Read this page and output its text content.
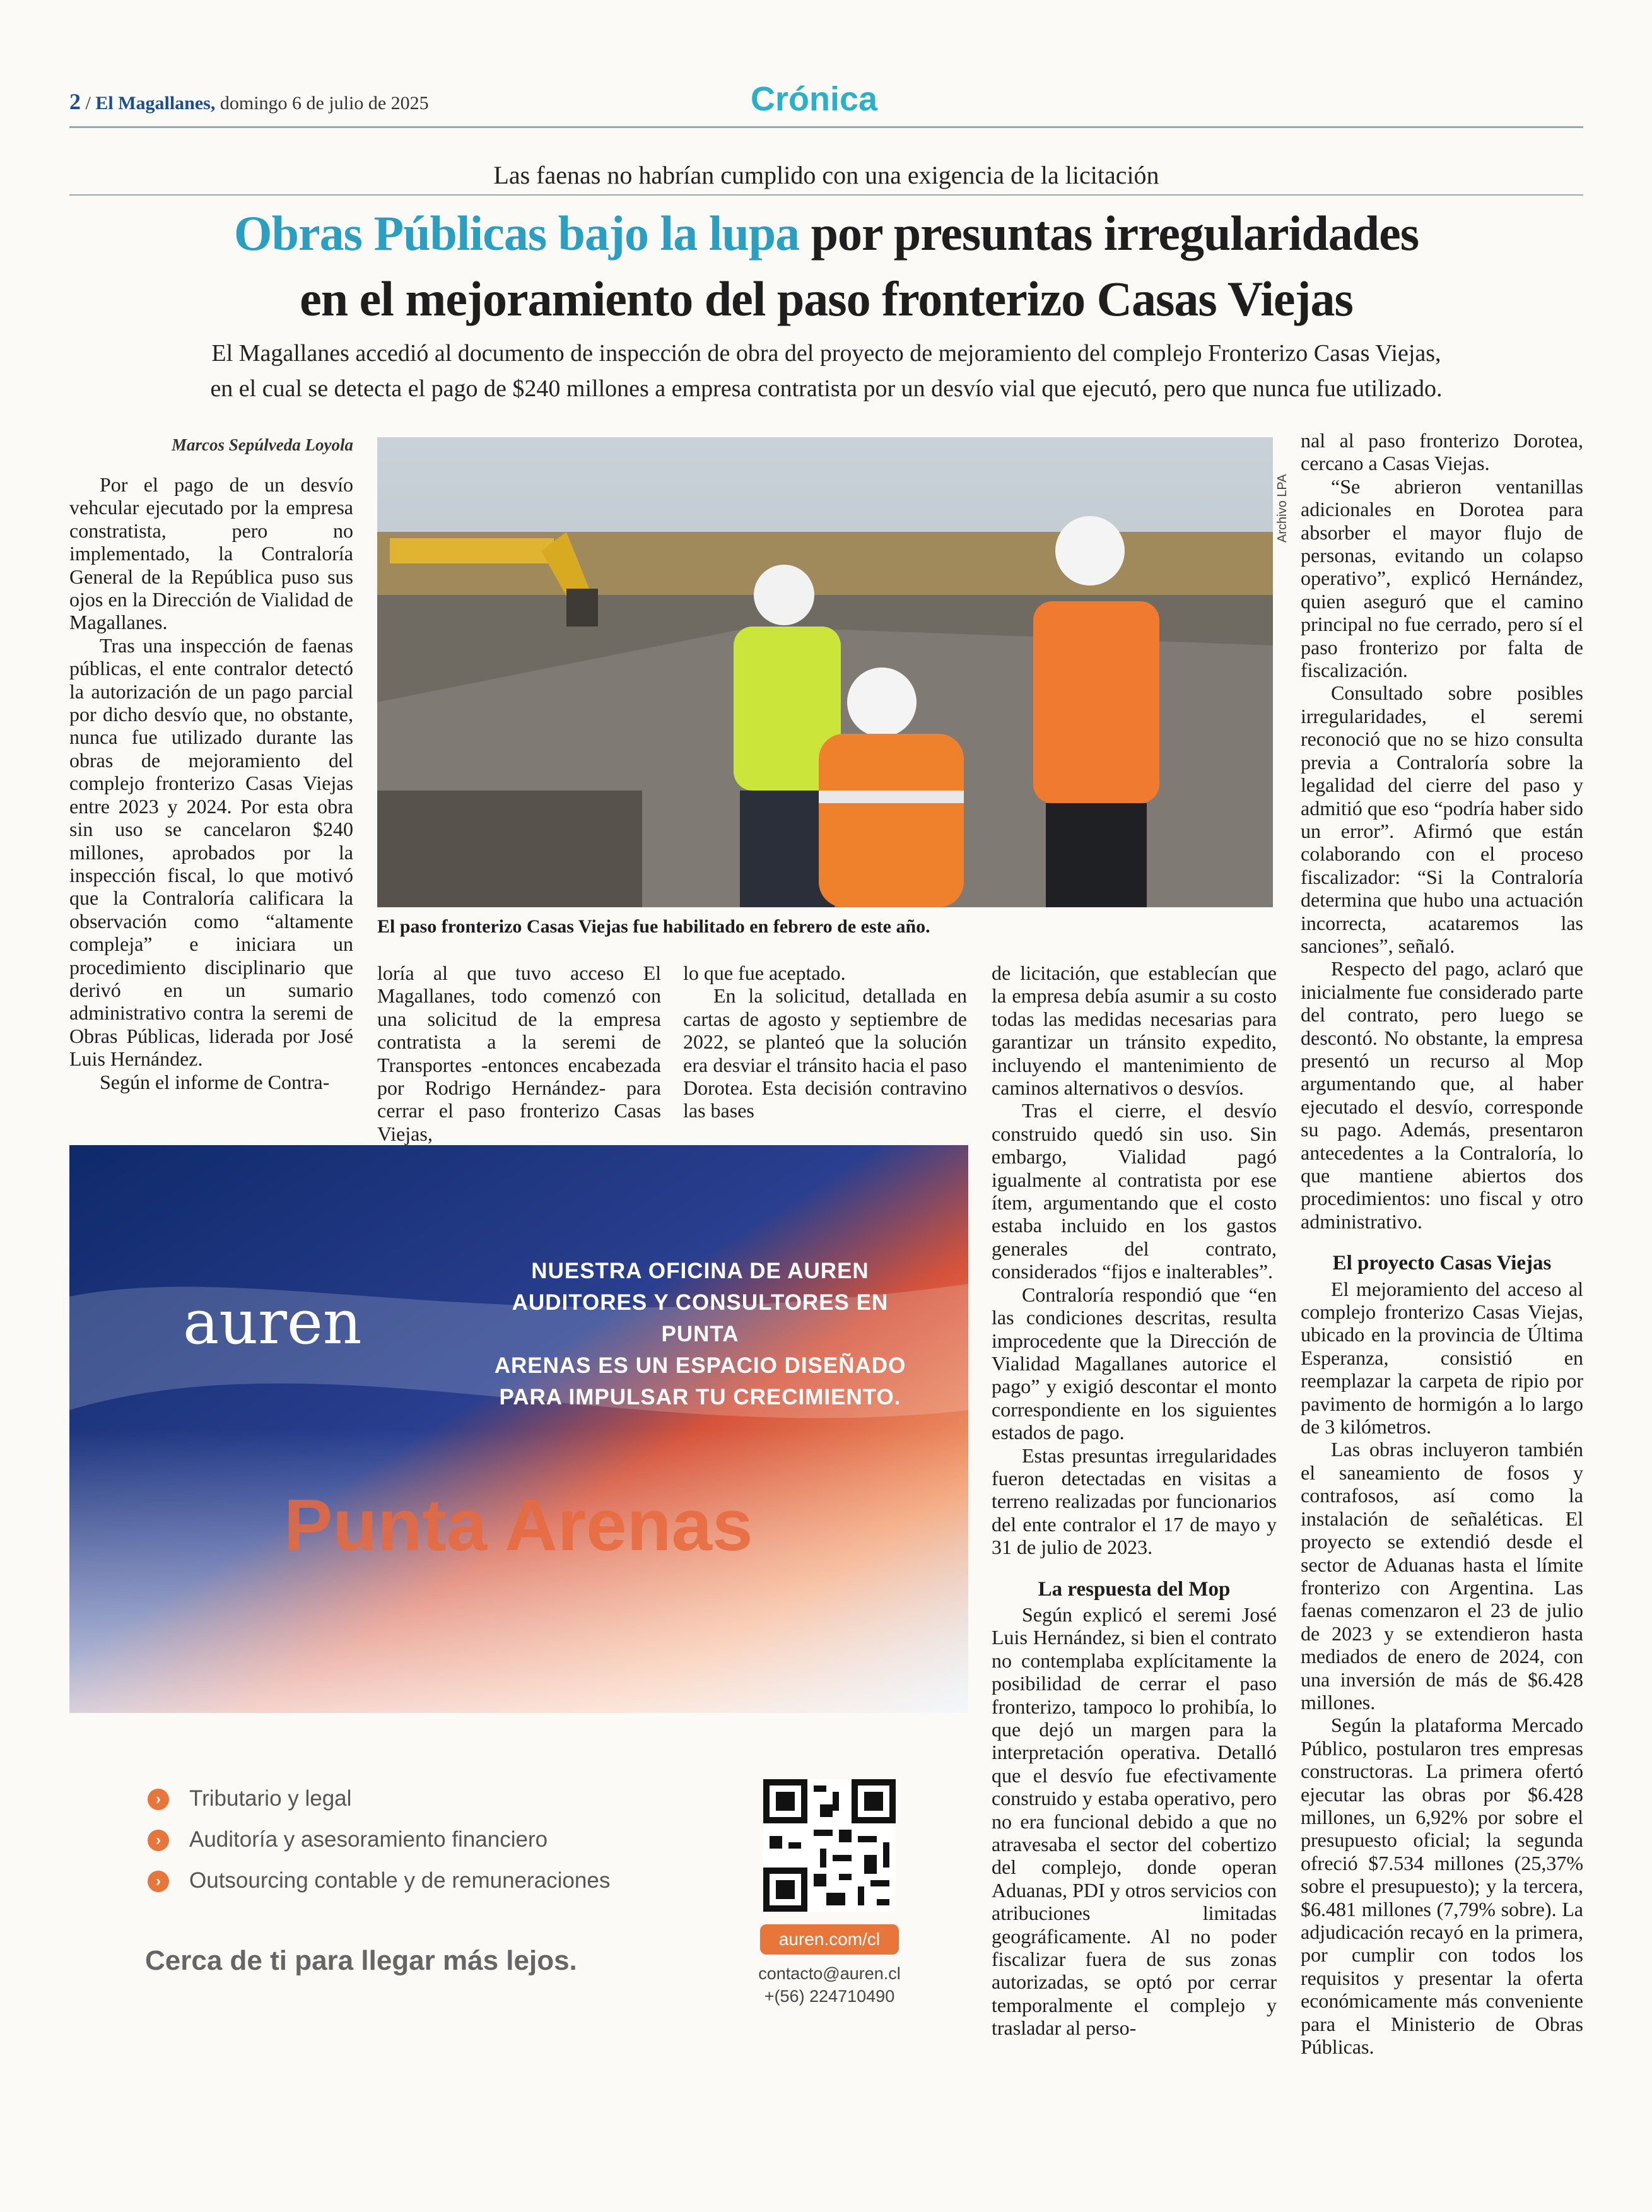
2 / El Magallanes, domingo 6 de julio de 2025	Crónica
Las faenas no habrían cumplido con una exigencia de la licitación
Obras Públicas bajo la lupa por presuntas irregularidades
en el mejoramiento del paso fronterizo Casas Viejas
El Magallanes accedió al documento de inspección de obra del proyecto de mejoramiento del complejo Fronterizo Casas Viejas,
en el cual se detecta el pago de $240 millones a empresa contratista por un desvío vial que ejecutó, pero que nunca fue utilizado.
Marcos Sepúlveda Loyola

Por el pago de un desvío vehcular ejecutado por la empresa constratista, pero no implementado, la Contraloría General de la República puso sus ojos en la Dirección de Vialidad de Magallanes.

Tras una inspección de faenas públicas, el ente contralor detectó la autorización de un pago parcial por dicho desvío que, no obstante, nunca fue utilizado durante las obras de mejoramiento del complejo fronterizo Casas Viejas entre 2023 y 2024. Por esta obra sin uso se cancelaron $240 millones, aprobados por la inspección fiscal, lo que motivó que la Contraloría calificara la observación como “altamente compleja” e iniciara un procedimiento disciplinario que derivó en un sumario administrativo contra la seremi de Obras Públicas, liderada por José Luis Hernández.

Según el informe de Contra-

Archivo LPA
El paso fronterizo Casas Viejas fue habilitado en febrero de este año.

loría al que tuvo acceso El Magallanes, todo comenzó con una solicitud de la empresa contratista a la seremi de Transportes -entonces encabezada por Rodrigo Hernández- para cerrar el paso fronterizo Casas Viejas,

lo que fue aceptado.

En la solicitud, detallada en cartas de agosto y septiembre de 2022, se planteó que la solución era desviar el tránsito hacia el paso Dorotea. Esta decisión contravino las bases

de licitación, que establecían que la empresa debía asumir a su costo todas las medidas necesarias para garantizar un tránsito expedito, incluyendo el mantenimiento de caminos alternativos o desvíos.

Tras el cierre, el desvío construido quedó sin uso. Sin embargo, Vialidad pagó igualmente al contratista por ese ítem, argumentando que el costo estaba incluido en los gastos generales del contrato, considerados “fijos e inalterables”.

Contraloría respondió que “en las condiciones descritas, resulta improcedente que la Dirección de Vialidad Magallanes autorice el pago” y exigió descontar el monto correspondiente en los siguientes estados de pago.

Estas presuntas irregularidades fueron detectadas en visitas a terreno realizadas por funcionarios del ente contralor el 17 de mayo y 31 de julio de 2023.

La respuesta del Mop

Según explicó el seremi José Luis Hernández, si bien el contrato no contemplaba explícitamente la posibilidad de cerrar el paso fronterizo, tampoco lo prohibía, lo que dejó un margen para la interpretación operativa. Detalló que el desvío fue efectivamente construido y estaba operativo, pero no era funcional debido a que no atravesaba el sector del cobertizo del complejo, donde operan Aduanas, PDI y otros servicios con atribuciones limitadas geográficamente. Al no poder fiscalizar fuera de sus zonas autorizadas, se optó por cerrar temporalmente el complejo y trasladar al perso-

nal al paso fronterizo Dorotea, cercano a Casas Viejas.

“Se abrieron ventanillas adicionales en Dorotea para absorber el mayor flujo de personas, evitando un colapso operativo”, explicó Hernández, quien aseguró que el camino principal no fue cerrado, pero sí el paso fronterizo por falta de fiscalización.

Consultado sobre posibles irregularidades, el seremi reconoció que no se hizo consulta previa a Contraloría sobre la legalidad del cierre del paso y admitió que eso “podría haber sido un error”. Afirmó que están colaborando con el proceso fiscalizador: “Si la Contraloría determina que hubo una actuación incorrecta, acataremos las sanciones”, señaló.

Respecto del pago, aclaró que inicialmente fue considerado parte del contrato, pero luego se descontó. No obstante, la empresa presentó un recurso al Mop argumentando que, al haber ejecutado el desvío, corresponde su pago. Además, presentaron antecedentes a la Contraloría, lo que mantiene abiertos dos procedimientos: uno fiscal y otro administrativo.

El proyecto Casas Viejas

El mejoramiento del acceso al complejo fronterizo Casas Viejas, ubicado en la provincia de Última Esperanza, consistió en reemplazar la carpeta de ripio por pavimento de hormigón a lo largo de 3 kilómetros.

Las obras incluyeron también el saneamiento de fosos y contrafosos, así como la instalación de señaléticas. El proyecto se extendió desde el sector de Aduanas hasta el límite fronterizo con Argentina. Las faenas comenzaron el 23 de julio de 2023 y se extendieron hasta mediados de enero de 2024, con una inversión de más de $6.428 millones.

Según la plataforma Mercado Público, postularon tres empresas constructoras. La primera ofertó ejecutar las obras por $6.428 millones, un 6,92% por sobre el presupuesto oficial; la segunda ofreció $7.534 millones (25,37% sobre el presupuesto); y la tercera, $6.481 millones (7,79% sobre). La adjudicación recayó en la primera, por cumplir con todos los requisitos y presentar la oferta económicamente más conveniente para el Ministerio de Obras Públicas.

auren
NUESTRA OFICINA DE AUREN
AUDITORES Y CONSULTORES EN PUNTA
ARENAS ES UN ESPACIO DISEÑADO
PARA IMPULSAR TU CRECIMIENTO.
Punta Arenas
›	Tributario y legal
›	Auditoría y asesoramiento financiero
›	Outsourcing contable y de remuneraciones
Cerca de ti para llegar más lejos.
auren.com/cl
contacto@auren.cl
+(56) 224710490
